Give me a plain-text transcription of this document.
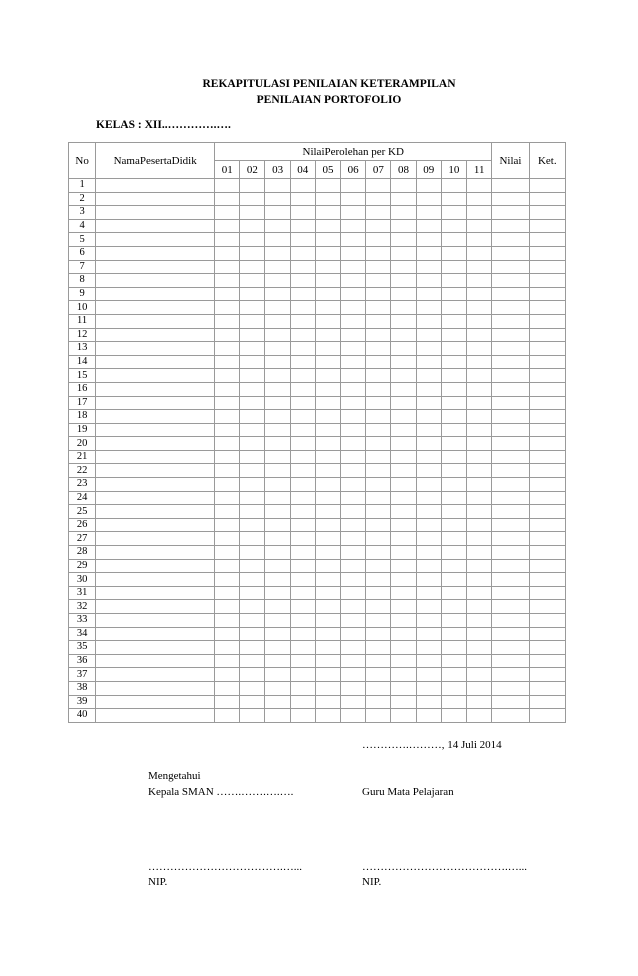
REKAPITULASI PENILAIAN KETERAMPILAN
PENILAIAN PORTOFOLIO
KELAS : XII..………….….
No	NamaPesertaDidik	NilaiPerolehan per KD											Nilai	Ket.
		01	02	03	04	05	06	07	08	09	10	11		
1														
2														
3														
4														
5														
6														
7														
8														
9														
10														
11														
12														
13														
14														
15														
16														
17														
18														
19														
20														
21														
22														
23														
24														
25														
26														
27														
28														
29														
30														
31														
32														
33														
34														
35														
36														
37														
38														
39														
40														
………….………, 14 Juli 2014
Mengetahui
Kepala SMAN …….…….….….	Guru Mata Pelajaran
……………………………….…...	………………………………….…...
NIP.	NIP.
